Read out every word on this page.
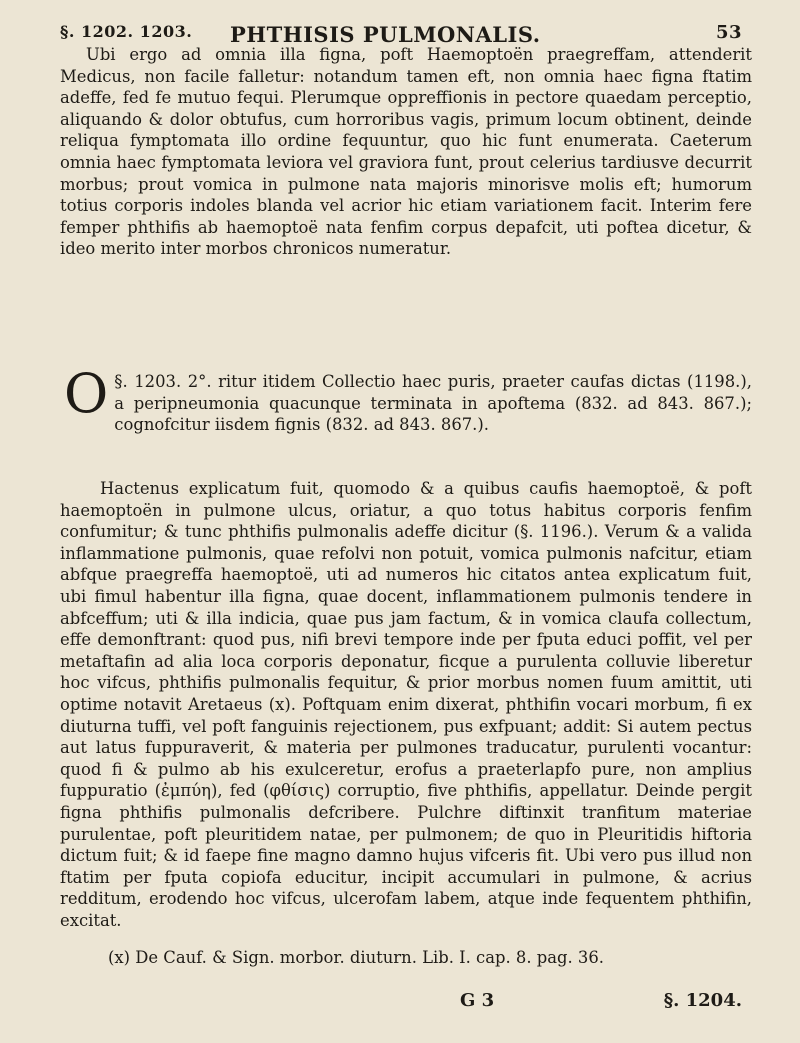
§. 1202. 1203. PHTHISIS PULMONALIS.	53

Ubi ergo ad omnia illa figna, poft Haemoptoën praegreffam, attenderit Medicus, non facile falletur: notandum tamen eft, non omnia haec figna ftatim adeffe, fed fe mutuo fequi. Plerumque oppreffionis in pectore quaedam perceptio, aliquando & dolor obtufus, cum horroribus vagis, primum locum obtinent, deinde reliqua fymptomata illo ordine fequuntur, quo hic funt enumerata. Caeterum omnia haec fymptomata leviora vel graviora funt, prout celerius tardiusve decurrit morbus; prout vomica in pulmone nata majoris minorisve molis eft; humorum totius corporis indoles blanda vel acrior hic etiam variationem facit. Interim fere femper phthifis ab haemoptoë nata fenfim corpus depafcit, uti poftea dicetur, & ideo merito inter morbos chronicos numeratur.

§. 1203. 2°.
O	ritur itidem Collectio haec puris, praeter caufas dictas (1198.), a peripneumonia quacunque terminata in apoftema (832. ad 843. 867.); cognofcitur iisdem fignis (832. ad 843. 867.).

Hactenus explicatum fuit, quomodo & a quibus caufis haemoptoë, & poft haemoptoën in pulmone ulcus, oriatur, a quo totus habitus corporis fenfim confumitur; & tunc phthifis pulmonalis adeffe dicitur (§. 1196.). Verum & a valida inflammatione pulmonis, quae refolvi non potuit, vomica pulmonis nafcitur, etiam abfque praegreffa haemoptoë, uti ad numeros hic citatos antea explicatum fuit, ubi fimul habentur illa figna, quae docent, inflammationem pulmonis tendere in abfceffum; uti & illa indicia, quae pus jam factum, & in vomica claufa collectum, effe demonftrant: quod pus, nifi brevi tempore inde per fputa educi poffit, vel per metaftafin ad alia loca corporis deponatur, ficque a purulenta colluvie liberetur hoc vifcus, phthifis pulmonalis fequitur, & prior morbus nomen fuum amittit, uti optime notavit Aretaeus (x). Poftquam enim dixerat, phthifin vocari morbum, fi ex diuturna tuffi, vel poft fanguinis rejectionem, pus exfpuant; addit: Si autem pectus aut latus fuppuraverit, & materia per pulmones traducatur, purulenti vocantur: quod fi & pulmo ab his exulceretur, erofus a praeterlapfo pure, non amplius fuppuratio (ἐμπύη), fed (φθίσις) corruptio, five phthifis, appellatur. Deinde pergit figna phthifis pulmonalis defcribere. Pulchre diftinxit tranfitum materiae purulentae, poft pleuritidem natae, per pulmonem; de quo in Pleuritidis hiftoria dictum fuit; & id faepe fine magno damno hujus vifceris fit. Ubi vero pus illud non ftatim per fputa copiofa educitur, incipit accumulari in pulmone, & acrius redditum, erodendo hoc vifcus, ulcerofam labem, atque inde fequentem phthifin, excitat.

(x) De Cauf. & Sign. morbor. diuturn. Lib. I. cap. 8. pag. 36.
G 3	§. 1204.
